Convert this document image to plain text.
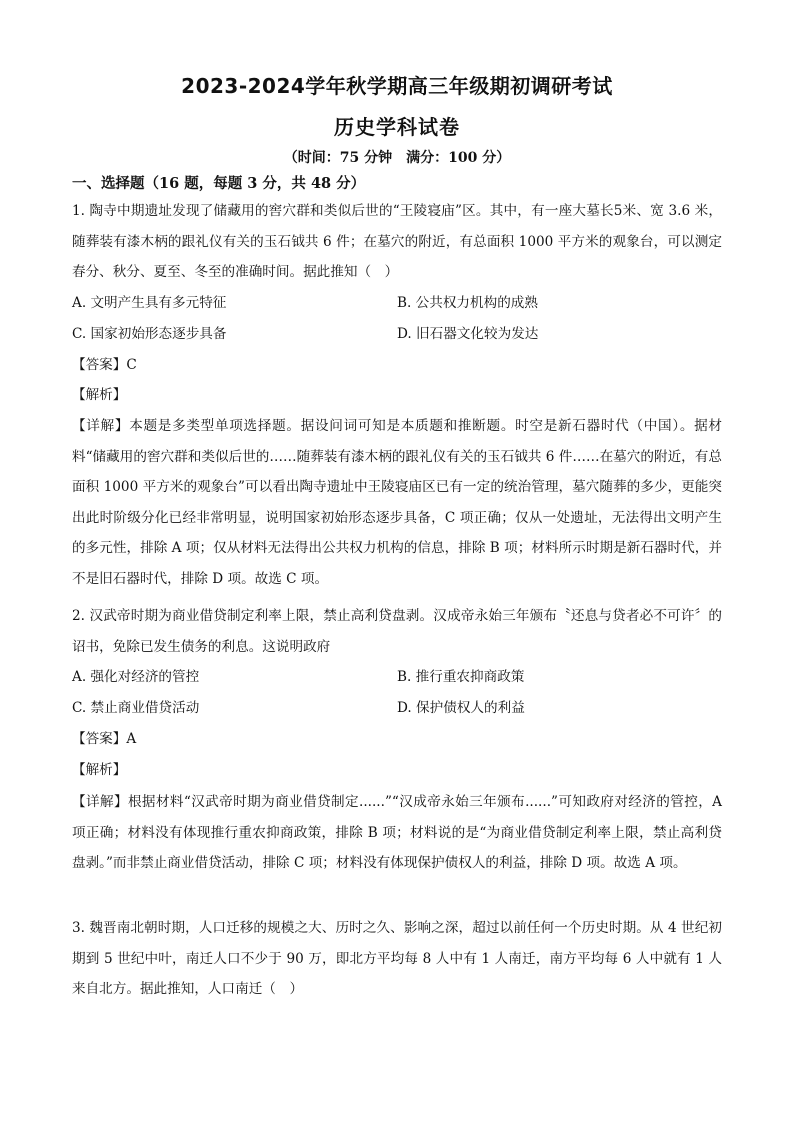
2023-2024学年秋学期高三年级期初调研考试
历史学科试卷
（时间：75 分钟　满分：100 分）
一、选择题（16 题，每题 3 分，共 48 分）
1. 陶寺中期遗址发现了储藏用的窖穴群和类似后世的“王陵寝庙”区。其中，有一座大墓长5米、宽 3.6 米，随葬装有漆木柄的跟礼仪有关的玉石钺共 6 件；在墓穴的附近，有总面积 1000 平方米的观象台，可以测定春分、秋分、夏至、冬至的准确时间。据此推知（　）
A. 文明产生具有多元特征	B. 公共权力机构的成熟
C. 国家初始形态逐步具备	D. 旧石器文化较为发达
【答案】C
【解析】
【详解】本题是多类型单项选择题。据设问词可知是本质题和推断题。时空是新石器时代（中国）。据材料“储藏用的窖穴群和类似后世的……随葬装有漆木柄的跟礼仪有关的玉石钺共 6 件……在墓穴的附近，有总面积 1000 平方米的观象台”可以看出陶寺遗址中王陵寝庙区已有一定的统治管理，墓穴随葬的多少，更能突出此时阶级分化已经非常明显，说明国家初始形态逐步具备，C 项正确；仅从一处遗址，无法得出文明产生的多元性，排除 A 项；仅从材料无法得出公共权力机构的信息，排除 B 项；材料所示时期是新石器时代，并不是旧石器时代，排除 D 项。故选 C 项。
2. 汉武帝时期为商业借贷制定利率上限，禁止高利贷盘剥。汉成帝永始三年颁布〝还息与贷者必不可许〞的诏书，免除已发生债务的利息。这说明政府
A. 强化对经济的管控	B. 推行重农抑商政策
C. 禁止商业借贷活动	D. 保护债权人的利益
【答案】A
【解析】
【详解】根据材料“汉武帝时期为商业借贷制定......”“汉成帝永始三年颁布......”可知政府对经济的管控，A 项正确；材料没有体现推行重农抑商政策，排除 B 项；材料说的是“为商业借贷制定利率上限，禁止高利贷盘剥。”而非禁止商业借贷活动，排除 C 项；材料没有体现保护债权人的利益，排除 D 项。故选 A 项。
3. 魏晋南北朝时期，人口迁移的规模之大、历时之久、影响之深，超过以前任何一个历史时期。从 4 世纪初期到 5 世纪中叶，南迁人口不少于 90 万，即北方平均每 8 人中有 1 人南迁，南方平均每 6 人中就有 1 人来自北方。据此推知，人口南迁（　）
